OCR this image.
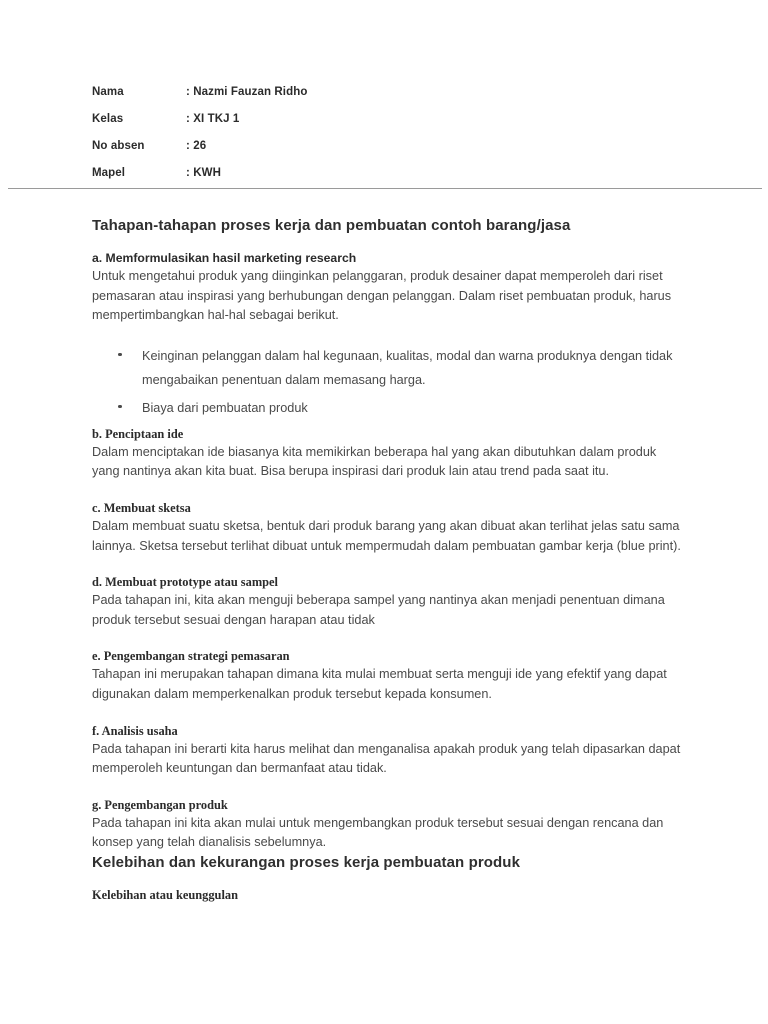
Nama	: Nazmi Fauzan Ridho
Kelas	: XI TKJ 1
No absen	: 26
Mapel	: KWH
Tahapan-tahapan proses kerja dan pembuatan contoh barang/jasa
a. Memformulasikan hasil marketing research

Untuk mengetahui produk yang diinginkan pelanggaran, produk desainer dapat memperoleh dari riset pemasaran atau inspirasi yang berhubungan dengan pelanggan. Dalam riset pembuatan produk, harus mempertimbangkan hal-hal sebagai berikut.

Keinginan pelanggan dalam hal kegunaan, kualitas, modal dan warna produknya dengan tidak mengabaikan penentuan dalam memasang harga.
Biaya dari pembuatan produk
b. Penciptaan ide

Dalam menciptakan ide biasanya kita memikirkan beberapa hal yang akan dibutuhkan dalam produk yang nantinya akan kita buat. Bisa berupa inspirasi dari produk lain atau trend pada saat itu.

c. Membuat sketsa

Dalam membuat suatu sketsa, bentuk dari produk barang yang akan dibuat akan terlihat jelas satu sama lainnya. Sketsa tersebut terlihat dibuat untuk mempermudah dalam pembuatan gambar kerja (blue print).

d. Membuat prototype atau sampel

Pada tahapan ini, kita akan menguji beberapa sampel yang nantinya akan menjadi penentuan dimana produk tersebut sesuai dengan harapan atau tidak

e. Pengembangan strategi pemasaran

Tahapan ini merupakan tahapan dimana kita mulai membuat serta menguji ide yang efektif yang dapat digunakan dalam memperkenalkan produk tersebut kepada konsumen.

f. Analisis usaha

Pada tahapan ini berarti kita harus melihat dan menganalisa apakah produk yang telah dipasarkan dapat memperoleh keuntungan dan bermanfaat atau tidak.

g. Pengembangan produk

Pada tahapan ini kita akan mulai untuk mengembangkan produk tersebut sesuai dengan rencana dan konsep yang telah dianalisis sebelumnya.

Kelebihan dan kekurangan proses kerja pembuatan produk
Kelebihan atau keunggulan
